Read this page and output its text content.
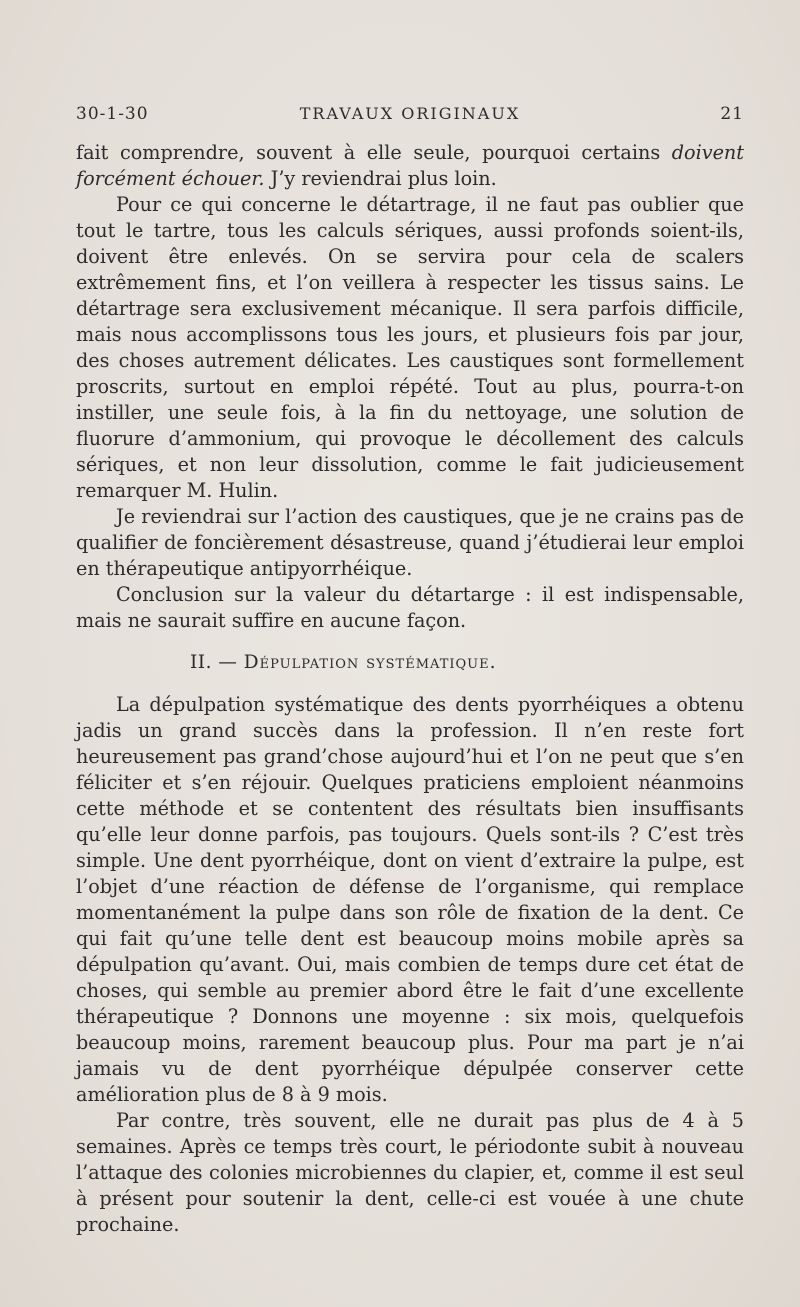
30-1-30	TRAVAUX ORIGINAUX	21

fait comprendre, souvent à elle seule, pourquoi certains doivent forcément échouer. J’y reviendrai plus loin.

Pour ce qui concerne le détartrage, il ne faut pas oublier que tout le tartre, tous les calculs sériques, aussi profonds soient-ils, doivent être enlevés. On se servira pour cela de scalers extrêmement fins, et l’on veillera à respecter les tissus sains. Le détartrage sera exclusivement mécanique. Il sera parfois difficile, mais nous accomplissons tous les jours, et plusieurs fois par jour, des choses autrement délicates. Les caustiques sont formellement proscrits, surtout en emploi répété. Tout au plus, pourra-t-on instiller, une seule fois, à la fin du nettoyage, une solution de fluorure d’ammonium, qui provoque le décollement des calculs sériques, et non leur dissolution, comme le fait judicieusement remarquer M. Hulin.

Je reviendrai sur l’action des caustiques, que je ne crains pas de qualifier de foncièrement désastreuse, quand j’étudierai leur emploi en thérapeutique antipyorrhéique.

Conclusion sur la valeur du détartarge : il est indispensable, mais ne saurait suffire en aucune façon.

II. — Dépulpation systématique.

La dépulpation systématique des dents pyorrhéiques a obtenu jadis un grand succès dans la profession. Il n’en reste fort heureusement pas grand’chose aujourd’hui et l’on ne peut que s’en féliciter et s’en réjouir. Quelques praticiens emploient néanmoins cette méthode et se contentent des résultats bien insuffisants qu’elle leur donne parfois, pas toujours. Quels sont-ils ? C’est très simple. Une dent pyorrhéique, dont on vient d’extraire la pulpe, est l’objet d’une réaction de défense de l’organisme, qui remplace momentanément la pulpe dans son rôle de fixation de la dent. Ce qui fait qu’une telle dent est beaucoup moins mobile après sa dépulpation qu’avant. Oui, mais combien de temps dure cet état de choses, qui semble au premier abord être le fait d’une excellente thérapeutique ? Donnons une moyenne : six mois, quelquefois beaucoup moins, rarement beaucoup plus. Pour ma part je n’ai jamais vu de dent pyorrhéique dépulpée conserver cette amélioration plus de 8 à 9 mois.

Par contre, très souvent, elle ne durait pas plus de 4 à 5 semaines. Après ce temps très court, le périodonte subit à nouveau l’attaque des colonies microbiennes du clapier, et, comme il est seul à présent pour soutenir la dent, celle-ci est vouée à une chute prochaine.
